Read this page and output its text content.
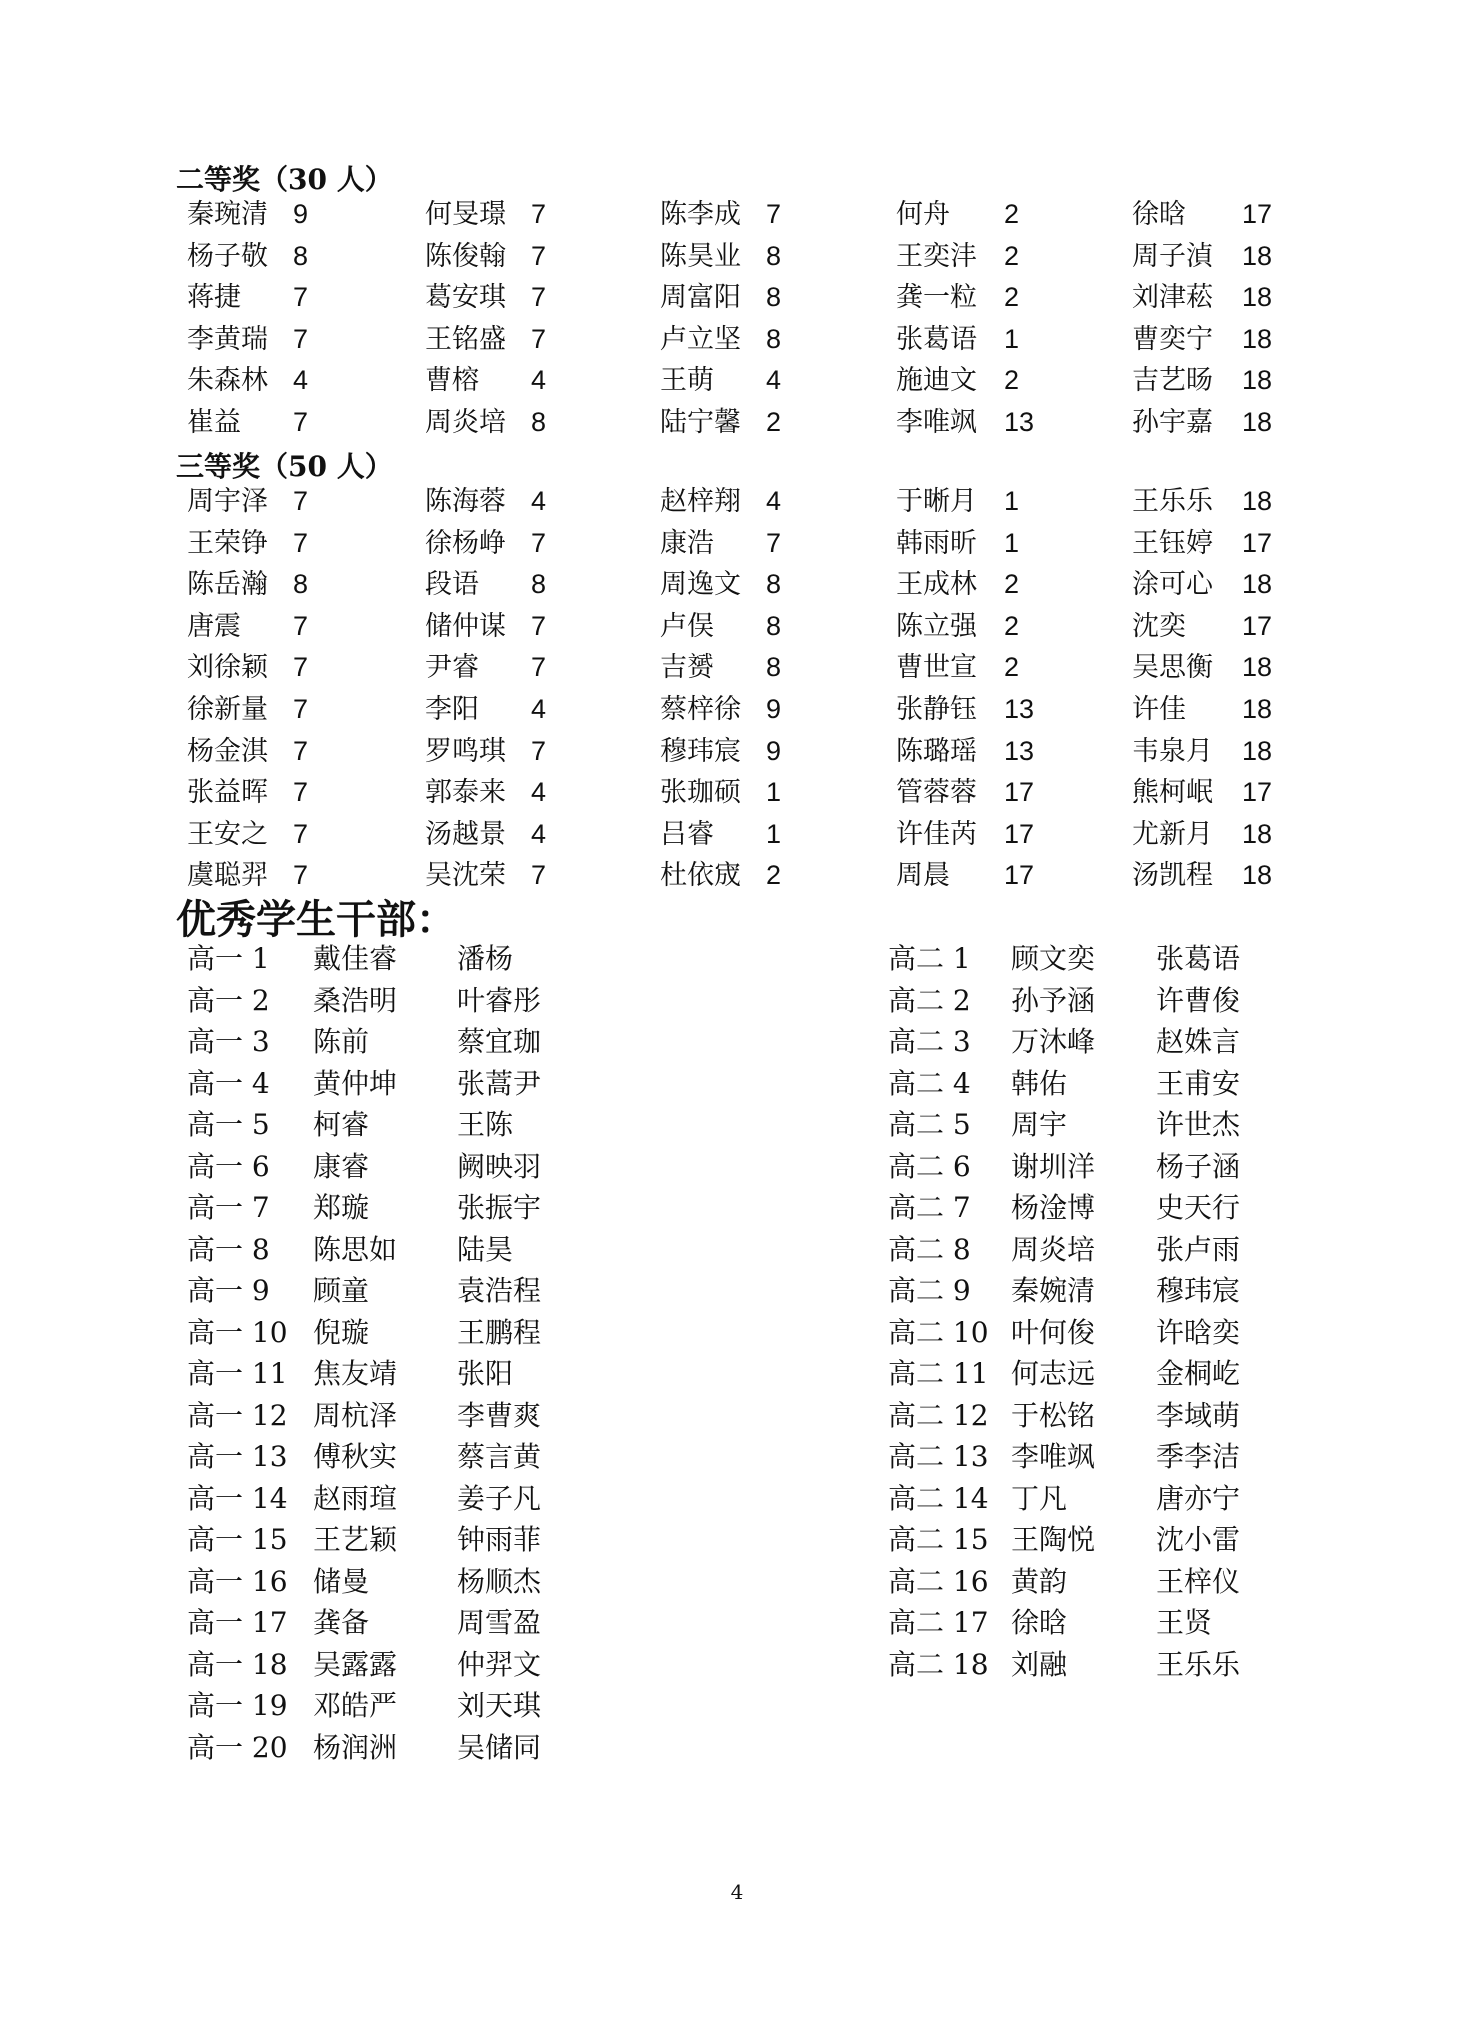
二等奖（30 人）
秦琬清 9	何旻璟 7	陈李成 7	何舟 2	徐晗 17
杨子敬 8	陈俊翰 7	陈昊业 8	王奕沣 2	周子湞 18
蒋捷 7	葛安琪 7	周富阳 8	龚一粒 2	刘津菘 18
李黄瑞 7	王铭盛 7	卢立坚 8	张葛语 1	曹奕宁 18
朱森林 4	曹榕 4	王萌 4	施迪文 2	吉艺旸 18
崔益 7	周炎培 8	陆宁馨 2	李唯飒 13	孙宇嘉 18
三等奖（50 人）
周宇泽 7	陈海蓉 4	赵梓翔 4	于晰月 1	王乐乐 18
王荣铮 7	徐杨峥 7	康浩 7	韩雨昕 1	王钰婷 17
陈岳瀚 8	段语 8	周逸文 8	王成林 2	涂可心 18
唐震 7	储仲谋 7	卢俣 8	陈立强 2	沈奕 17
刘徐颖 7	尹睿 7	吉赟 8	曹世宣 2	吴思衡 18
徐新量 7	李阳 4	蔡梓徐 9	张静钰 13	许佳 18
杨金淇 7	罗鸣琪 7	穆玮宸 9	陈璐瑶 13	韦泉月 18
张益晖 7	郭泰来 4	张珈硕 1	管蓉蓉 17	熊柯岷 17
王安之 7	汤越景 4	吕睿 1	许佳芮 17	尤新月 18
虞聪羿 7	吴沈荣 7	杜依宬 2	周晨 17	汤凯程 18
优秀学生干部：
高一 1 戴佳睿 潘杨
高一 2 桑浩明 叶睿彤
高一 3 陈前	蔡宜珈
高一 4 黄仲坤 张蒿尹
高一 5 柯睿	王陈
高一 6 康睿	阙映羽
高一 7 郑璇	张振宇
高一 8 陈思如 陆昊
高一 9 顾童	袁浩程
高一 10 倪璇	王鹏程
高一 11 焦友靖 张阳
高一 12 周杭泽 李曹爽
高一 13 傅秋实 蔡言黄
高一 14 赵雨瑄 姜子凡
高一 15 王艺颖 钟雨菲
高一 16 储曼	杨顺杰
高一 17 龚备	周雪盈
高一 18 吴露露 仲羿文
高一 19 邓皓严 刘天琪
高一 20 杨润洲 吴储同
高二 1 顾文奕 张葛语
高二 2 孙予涵 许曹俊
高二 3 万沐峰 赵姝言
高二 4 韩佑	王甫安
高二 5 周宇	许世杰
高二 6 谢圳洋 杨子涵
高二 7 杨淦博 史天行
高二 8 周炎培 张卢雨
高二 9 秦婉清 穆玮宸
高二 10 叶何俊 许晗奕
高二 11 何志远 金桐屹
高二 12 于松铭 李域萌
高二 13 李唯飒 季李洁
高二 14 丁凡	唐亦宁
高二 15 王陶悦 沈小雷
高二 16 黄韵	王梓仪
高二 17 徐晗	王贤
高二 18 刘融	王乐乐
4
